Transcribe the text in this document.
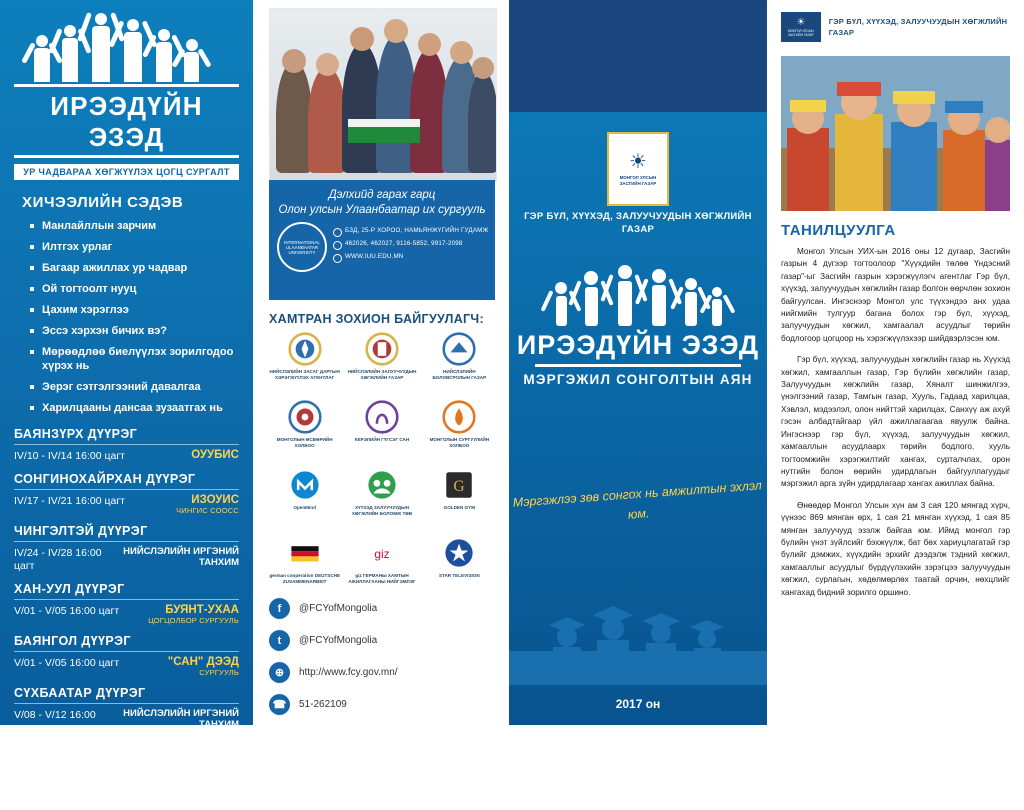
ИРЭЭДҮЙН ЭЗЭД
УР ЧАДВАРАА ХӨГЖҮҮЛЭХ ЦОГЦ СУРГАЛТ
ХИЧЭЭЛИЙН СЭДЭВ
Манлайллын зарчим
Илтгэх урлаг
Багаар ажиллах ур чадвар
Ой тогтоолт нууц
Цахим хэрэглээ
Эссэ хэрхэн бичих вэ?
Мөрөөдлөө биелүүлэх зорилгодоо хүрэх нь
Эерэг сэтгэлгээний давалгаа
Харилцааны дансаа зузаатгах нь
БАЯНЗҮРХ ДҮҮРЭГ
IV/10 - IV/14 16:00 цагт	ОУУБИС
СОНГИНОХАЙРХАН ДҮҮРЭГ
IV/17 - IV/21 16:00 цагт	ИЗОУИС
ЧИНГИС СООСС
ЧИНГЭЛТЭЙ ДҮҮРЭГ
IV/24 - IV/28 16:00 цагт
НИЙСЛЭЛИЙН ИРГЭНИЙ ТАНХИМ
ХАН-УУЛ ДҮҮРЭГ
V/01 - V/05 16:00 цагт	БУЯНТ-УХАА
ЦОГЦОЛБОР СУРГУУЛЬ
БАЯНГОЛ ДҮҮРЭГ
V/01 - V/05 16:00 цагт	"САН" ДЭЭД
СУРГУУЛЬ
СҮХБААТАР ДҮҮРЭГ
V/08 - V/12 16:00 цагт
НИЙСЛЭЛИЙН ИРГЭНИЙ ТАНХИМ
ДЭЛГЭРЭНГҮЙ МЭДЭЭЛЛИЙГ:
9913-7702
Дэлхийд гарах гарц
Олон улсын Улаанбаатар их сургууль
INTERNATIONAL ULAANBAATAR UNIVERSITY
БЗД, 25-Р ХОРОО, НАМЬЯНЖҮГИЙН ГУДАМЖ
462026, 462027, 9116-5852, 9917-2098
WWW.IUU.EDU.MN
ХАМТРАН ЗОХИОН БАЙГУУЛАГЧ:
НИЙСЛЭЛИЙН ЗАСАГ ДАРГЫН ХЭРЭГЖҮҮЛЭХ АГЕНТЛАГ
НИЙСЛЭЛИЙН ЗАЛУУЧУУДЫН ХӨГЖЛИЙН ГАЗАР
НИЙСЛЭЛИЙН БОЛОВСРОЛЫН ГАЗАР
МОНГОЛЫН ӨСВӨРИЙН ХОЛБОО
КЕРЭЛИЙН ГҮГСЭГ САН	МОНГОЛЫН СУРГУУЛИЙН ХОЛБОО
OpenMind	ХҮҮХЭД ЗАЛУУЧУУДЫН ХӨГЖЛИЙН БОЛОМЖ ТӨВ
G
GOLDEN GYM
german cooperation DEUTSCHE ZUSAMMENARBEIT
giz
giz ГЕРМАНЫ ХАМТЫН АЖИЛЛАГААНЫ НИЙГЭМЛЭГ
STAR TELEVISION
f	@FCYofMongolia
t	@FCYofMongolia
⊕	http://www.fcy.gov.mn/
☎	51-262109
☀
МОНГОЛ УЛСЫН ЗАСГИЙН ГАЗАР
ГЭР БҮЛ, ХҮҮХЭД, ЗАЛУУЧУУДЫН ХӨГЖЛИЙН ГАЗАР
ИРЭЭДҮЙН ЭЗЭД
МЭРГЭЖИЛ СОНГОЛТЫН АЯН
Мэргэжлээ зөв сонгох нь амжилтын эхлэл юм.
2017 он
☀
МОНГОЛ УЛСЫН ЗАСГИЙН ГАЗАР
ГЭР БҮЛ, ХҮҮХЭД, ЗАЛУУЧУУДЫН ХӨГЖЛИЙН ГАЗАР
ТАНИЛЦУУЛГА

Монгол Улсын УИХ-ын 2016 оны 12 дугаар, Засгийн газрын 4 дүгээр тогтоолоор "Хүүхдийн төлөө Үндэсний газар"-ыг Засгийн газрын хэрэгжүүлэгч агентлаг Гэр бүл, хүүхэд, залуучуудын хөгжлийн газар болгон өөрчлөн зохион байгуулсан. Ингэснээр Монгол улс түүхэндээ анх удаа нийгмийн тулгуур багана болох гэр бүл, хүүхэд, залуучуудын хөгжил, хамгаалал асуудлыг төрийн бодлогоор цогцоор нь хэрэгжүүлэхээр шийдвэрлэсэн юм.

Гэр бүл, хүүхэд, залуучуудын хөгжлийн газар нь Хүүхэд хөгжил, хамгааллын газар, Гэр бүлийн хөгжлийн газар, Залуучуудын хөгжлийн газар, Хяналт шинжилгээ, үнэлгээний газар, Тамгын газар, Хууль, Гадаад харилцаа, Хэвлэл, мэдээлэл, олон нийттэй харилцах, Санхүү аж ахуй гэсэн албадтайгаар үйл ажиллагаагаа явуулж байна. Ингэснээр гэр бүл, хүүхэд, залуучуудын хөгжил, хамгааллын асуудлаарх төрийн бодлого, хууль тогтоомжийн хэрэгжилтийг хангах, сурталчлах, орон нутгийн болон өөрийн удирдлагын байгууллагуудыг мэргэжил арга зүйн удирдлагаар хангах ажиллах байна.

Өнөөдөр Монгол Улсын хүн ам 3 сая 120 мянгад хүрч, үүнээс 869 мянган өрх, 1 сая 21 мянган хүүхэд, 1 сая 85 мянган залуучууд эзэлж байгаа юм. Иймд монгол гэр бүлийн үнэт зүйлсийг бэхжүүлж, бат бөх хариуцлагатай гэр бүлийг дэмжих, хүүхдийн эрхийг дээдэлж тэдний хөгжил, хамгааллыг асуудлыг бүрдүүлэхийн зэрэгцээ залуучуудын хөгжил, сурлагын, хөдөлмөрлөх таатай орчин, нөхцлийг хангахад бидний зорилго оршино.
